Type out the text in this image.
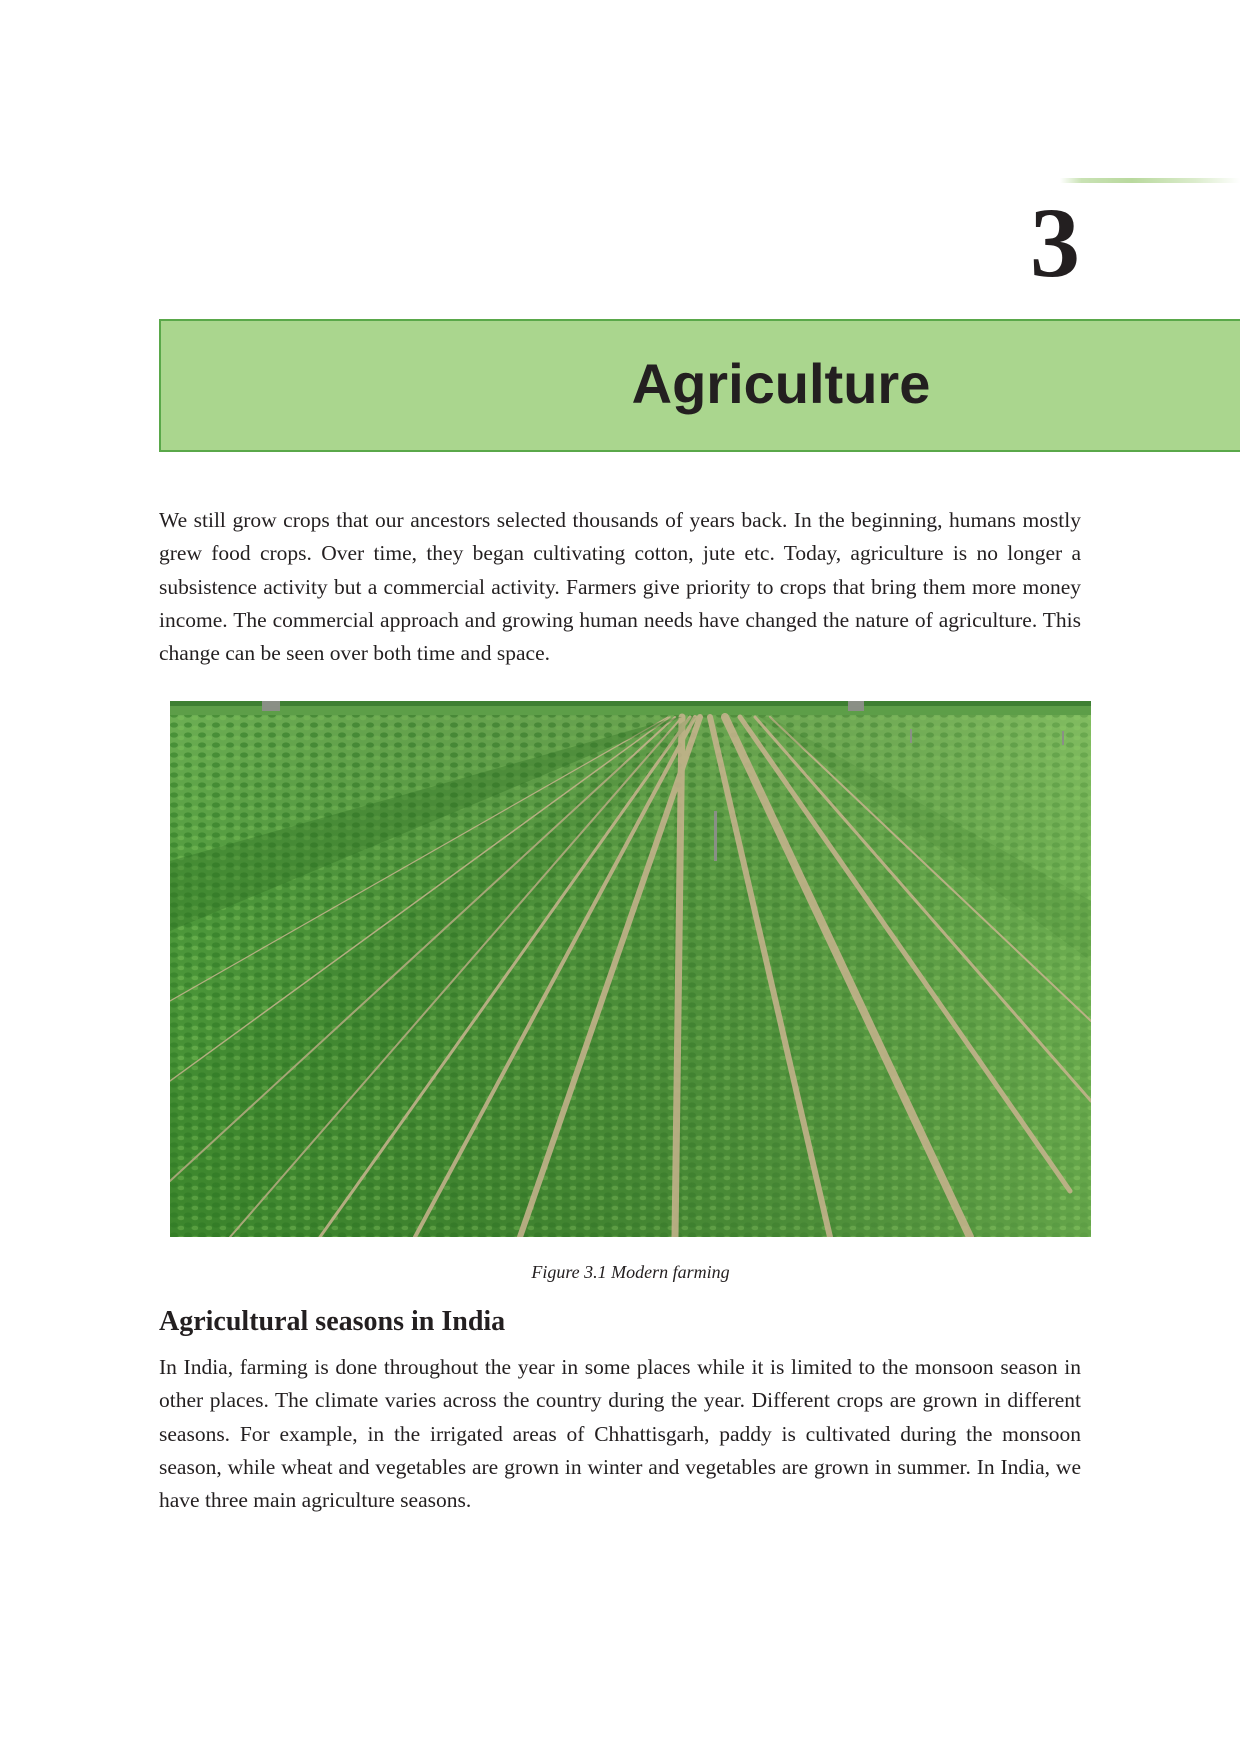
3
Agriculture

We still grow crops that our ancestors selected thousands of years back. In the beginning, humans mostly grew food crops. Over time, they began cultivating cotton, jute etc. Today, agriculture is no longer a subsistence activity but a commercial activity. Farmers give priority to crops that bring them more money income. The commercial approach and growing human needs have changed the nature of agriculture. This change can be seen over both time and space.

Figure 3.1 Modern farming
Agricultural seasons in India

In India, farming is done throughout the year in some places while it is limited to the monsoon season in other places. The climate varies across the country during the year. Different crops are grown in different seasons. For example, in the irrigated areas of Chhattisgarh, paddy is cultivated during the monsoon season, while wheat and vegetables are grown in winter and vegetables are grown in summer. In India, we have three main agriculture seasons.
